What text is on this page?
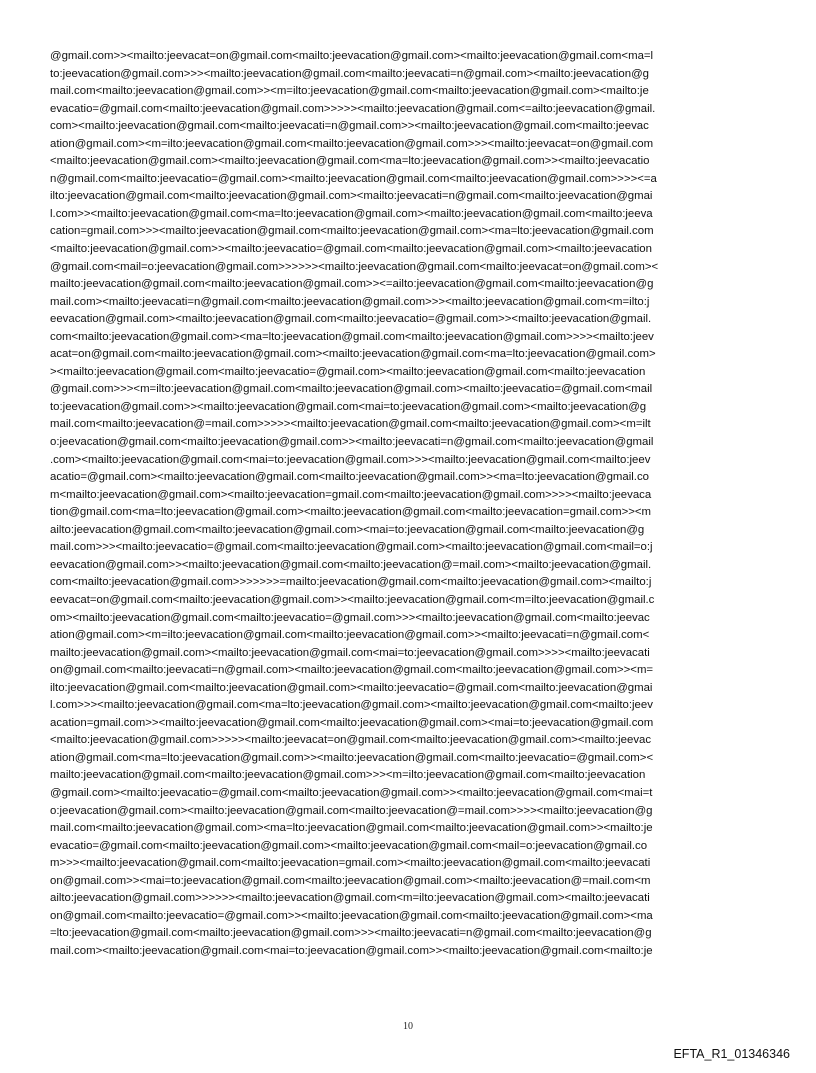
@gmail.com>><mailto:jeevacat=on@gmail.com<mailto:jeevacation@gmail.com><mailto:jeevacation@gmail.com<ma=l
to:jeevacation@gmail.com>>><mailto:jeevacation@gmail.com<mailto:jeevacati=n@gmail.com><mailto:jeevacation@g
mail.com<mailto:jeevacation@gmail.com>><m=ilto:jeevacation@gmail.com<mailto:jeevacation@gmail.com><mailto:je
evacatio=@gmail.com<mailto:jeevacation@gmail.com>>>>><mailto:jeevacation@gmail.com<=ailto:jeevacation@gmail.
com><mailto:jeevacation@gmail.com<mailto:jeevacati=n@gmail.com>><mailto:jeevacation@gmail.com<mailto:jeevac
ation@gmail.com><m=ilto:jeevacation@gmail.com<mailto:jeevacation@gmail.com>>><mailto:jeevacat=on@gmail.com
<mailto:jeevacation@gmail.com><mailto:jeevacation@gmail.com<ma=lto:jeevacation@gmail.com>><mailto:jeevacatio
n@gmail.com<mailto:jeevacatio=@gmail.com><mailto:jeevacation@gmail.com<mailto:jeevacation@gmail.com>>>><=a
ilto:jeevacation@gmail.com<mailto:jeevacation@gmail.com><mailto:jeevacati=n@gmail.com<mailto:jeevacation@gmai
l.com>><mailto:jeevacation@gmail.com<ma=lto:jeevacation@gmail.com><mailto:jeevacation@gmail.com<mailto:jeeva
cation=gmail.com>>><mailto:jeevacation@gmail.com<mailto:jeevacation@gmail.com><ma=lto:jeevacation@gmail.com
<mailto:jeevacation@gmail.com>><mailto:jeevacatio=@gmail.com<mailto:jeevacation@gmail.com><mailto:jeevacation
@gmail.com<mail=o:jeevacation@gmail.com>>>>>><mailto:jeevacation@gmail.com<mailto:jeevacat=on@gmail.com><
mailto:jeevacation@gmail.com<mailto:jeevacation@gmail.com>><=ailto:jeevacation@gmail.com<mailto:jeevacation@g
mail.com><mailto:jeevacati=n@gmail.com<mailto:jeevacation@gmail.com>>><mailto:jeevacation@gmail.com<m=ilto:j
eevacation@gmail.com><mailto:jeevacation@gmail.com<mailto:jeevacatio=@gmail.com>><mailto:jeevacation@gmail.
com<mailto:jeevacation@gmail.com><ma=lto:jeevacation@gmail.com<mailto:jeevacation@gmail.com>>>><mailto:jeev
acat=on@gmail.com<mailto:jeevacation@gmail.com><mailto:jeevacation@gmail.com<ma=lto:jeevacation@gmail.com>
><mailto:jeevacation@gmail.com<mailto:jeevacatio=@gmail.com><mailto:jeevacation@gmail.com<mailto:jeevacation
@gmail.com>>><m=ilto:jeevacation@gmail.com<mailto:jeevacation@gmail.com><mailto:jeevacatio=@gmail.com<mail
to:jeevacation@gmail.com>><mailto:jeevacation@gmail.com<mai=to:jeevacation@gmail.com><mailto:jeevacation@g
mail.com<mailto:jeevacation@=mail.com>>>>><mailto:jeevacation@gmail.com<mailto:jeevacation@gmail.com><m=ilt
o:jeevacation@gmail.com<mailto:jeevacation@gmail.com>><mailto:jeevacati=n@gmail.com<mailto:jeevacation@gmail
.com><mailto:jeevacation@gmail.com<mai=to:jeevacation@gmail.com>>><mailto:jeevacation@gmail.com<mailto:jeev
acatio=@gmail.com><mailto:jeevacation@gmail.com<mailto:jeevacation@gmail.com>><ma=lto:jeevacation@gmail.co
m<mailto:jeevacation@gmail.com><mailto:jeevacation=gmail.com<mailto:jeevacation@gmail.com>>>><mailto:jeevaca
tion@gmail.com<ma=lto:jeevacation@gmail.com><mailto:jeevacation@gmail.com<mailto:jeevacation=gmail.com>><m
ailto:jeevacation@gmail.com<mailto:jeevacation@gmail.com><mai=to:jeevacation@gmail.com<mailto:jeevacation@g
mail.com>>><mailto:jeevacatio=@gmail.com<mailto:jeevacation@gmail.com><mailto:jeevacation@gmail.com<mail=o:j
eevacation@gmail.com>><mailto:jeevacation@gmail.com<mailto:jeevacation@=mail.com><mailto:jeevacation@gmail.
com<mailto:jeevacation@gmail.com>>>>>>>=mailto:jeevacation@gmail.com<mailto:jeevacation@gmail.com><mailto:j
eevacat=on@gmail.com<mailto:jeevacation@gmail.com>><mailto:jeevacation@gmail.com<m=ilto:jeevacation@gmail.c
om><mailto:jeevacation@gmail.com<mailto:jeevacatio=@gmail.com>>><mailto:jeevacation@gmail.com<mailto:jeevac
ation@gmail.com><m=ilto:jeevacation@gmail.com<mailto:jeevacation@gmail.com>><mailto:jeevacati=n@gmail.com<
mailto:jeevacation@gmail.com><mailto:jeevacation@gmail.com<mai=to:jeevacation@gmail.com>>>><mailto:jeevacati
on@gmail.com<mailto:jeevacati=n@gmail.com><mailto:jeevacation@gmail.com<mailto:jeevacation@gmail.com>><m=
ilto:jeevacation@gmail.com<mailto:jeevacation@gmail.com><mailto:jeevacatio=@gmail.com<mailto:jeevacation@gmai
l.com>>><mailto:jeevacation@gmail.com<ma=lto:jeevacation@gmail.com><mailto:jeevacation@gmail.com<mailto:jeev
acation=gmail.com>><mailto:jeevacation@gmail.com<mailto:jeevacation@gmail.com><mai=to:jeevacation@gmail.com
<mailto:jeevacation@gmail.com>>>>><mailto:jeevacat=on@gmail.com<mailto:jeevacation@gmail.com><mailto:jeevac
ation@gmail.com<ma=lto:jeevacation@gmail.com>><mailto:jeevacation@gmail.com<mailto:jeevacatio=@gmail.com><
mailto:jeevacation@gmail.com<mailto:jeevacation@gmail.com>>><m=ilto:jeevacation@gmail.com<mailto:jeevacation
@gmail.com><mailto:jeevacatio=@gmail.com<mailto:jeevacation@gmail.com>><mailto:jeevacation@gmail.com<mai=t
o:jeevacation@gmail.com><mailto:jeevacation@gmail.com<mailto:jeevacation@=mail.com>>>><mailto:jeevacation@g
mail.com<mailto:jeevacation@gmail.com><ma=lto:jeevacation@gmail.com<mailto:jeevacation@gmail.com>><mailto:je
evacatio=@gmail.com<mailto:jeevacation@gmail.com><mailto:jeevacation@gmail.com<mail=o:jeevacation@gmail.co
m>>><mailto:jeevacation@gmail.com<mailto:jeevacation=gmail.com><mailto:jeevacation@gmail.com<mailto:jeevacati
on@gmail.com>><mai=to:jeevacation@gmail.com<mailto:jeevacation@gmail.com><mailto:jeevacation@=mail.com<m
ailto:jeevacation@gmail.com>>>>>><mailto:jeevacation@gmail.com<m=ilto:jeevacation@gmail.com><mailto:jeevacati
on@gmail.com<mailto:jeevacatio=@gmail.com>><mailto:jeevacation@gmail.com<mailto:jeevacation@gmail.com><ma
=lto:jeevacation@gmail.com<mailto:jeevacation@gmail.com>>><mailto:jeevacati=n@gmail.com<mailto:jeevacation@g
mail.com><mailto:jeevacation@gmail.com<mai=to:jeevacation@gmail.com>><mailto:jeevacation@gmail.com<mailto:je
10
EFTA_R1_01346346
